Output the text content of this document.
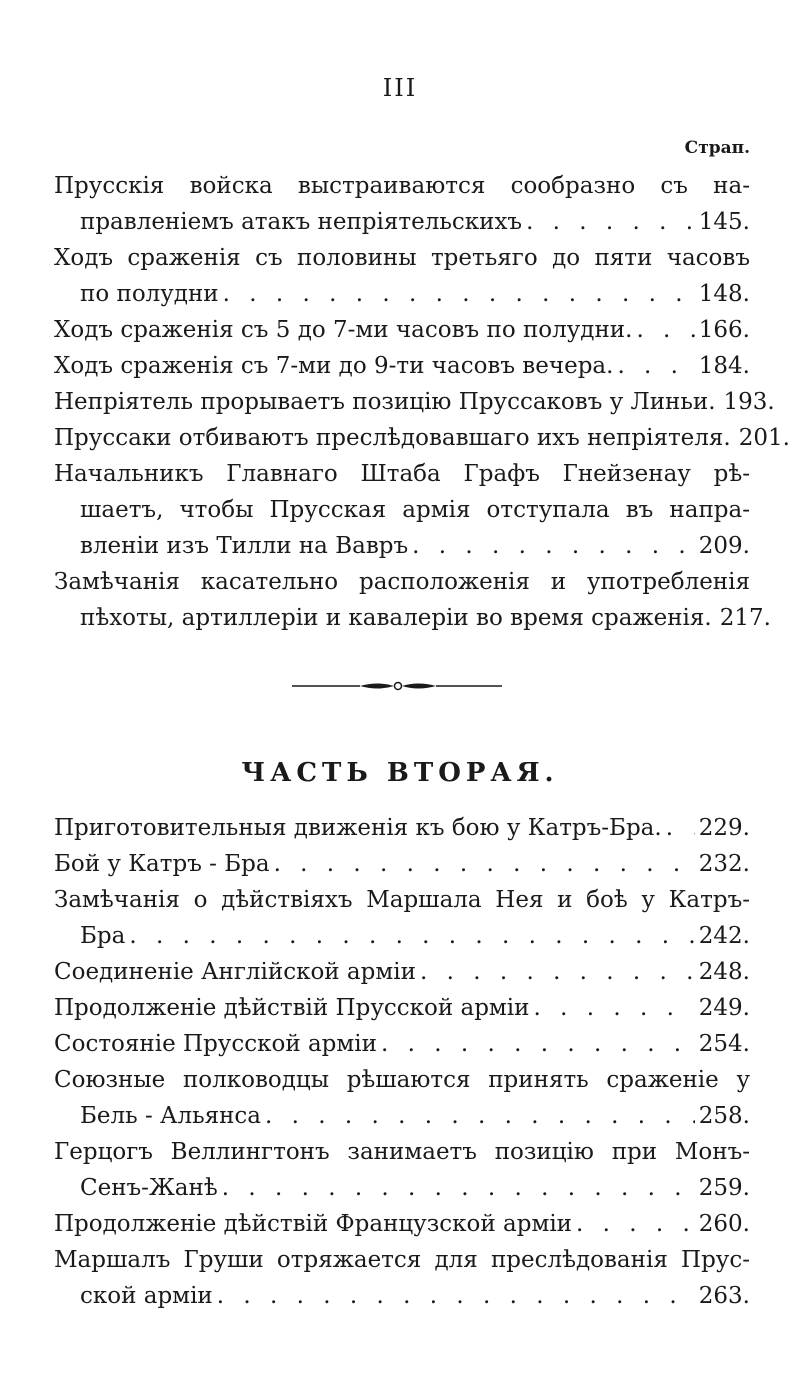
III
Страп.
Прусскія войска выстраиваются сообразно съ на-
правленіемъ атакъ непріятельскихъ . . .	145.
Ходъ сраженія съ половины третьяго до пяти часовъ
по полудни . . .	148.
Ходъ сраженія съ 5 до 7-ми часовъ по полудни. . . .	166.
Ходъ сраженія съ 7-ми до 9-ти часовъ вечера. . . .	184.
Непріятель прорываетъ позицію Пруссаковъ у Линьи. 193.
Пруссаки отбиваютъ преслѣдовавшаго ихъ непріятеля. 201.
Начальникъ Главнаго Штаба Графъ Гнейзенау рѣ-
шаетъ, чтобы Прусская армія отступала въ напра-
вленіи изъ Тилли на Вавръ . . .	209.
Замѣчанія касательно расположенія и употребленія
пѣхоты, артиллеріи и кавалеріи во время сраженія. 217.
ЧАСТЬ ВТОРАЯ.
Приготовительныя движенія къ бою у Катръ-Бра. . . . 229.
Бой у Катръ - Бра . . .	232.
Замѣчанія о дѣйствіяхъ Маршала Нея и боѣ у Катръ-
Бра . . .	242.
Соединеніе Англійской арміи . . .	248.
Продолженіе дѣйствій Прусской арміи . . .	249.
Состояніе Прусской арміи . . .	254.
Союзные полководцы рѣшаются принять сраженіе у
Бель - Альянса . . .	258.
Герцогъ Веллингтонъ занимаетъ позицію при Монъ-
Сенъ-Жанѣ . . .	259.
Продолженіе дѣйствій Французской арміи . . .	260.
Маршалъ Груши отряжается для преслѣдованія Прус-
ской арміи . . .	263.
